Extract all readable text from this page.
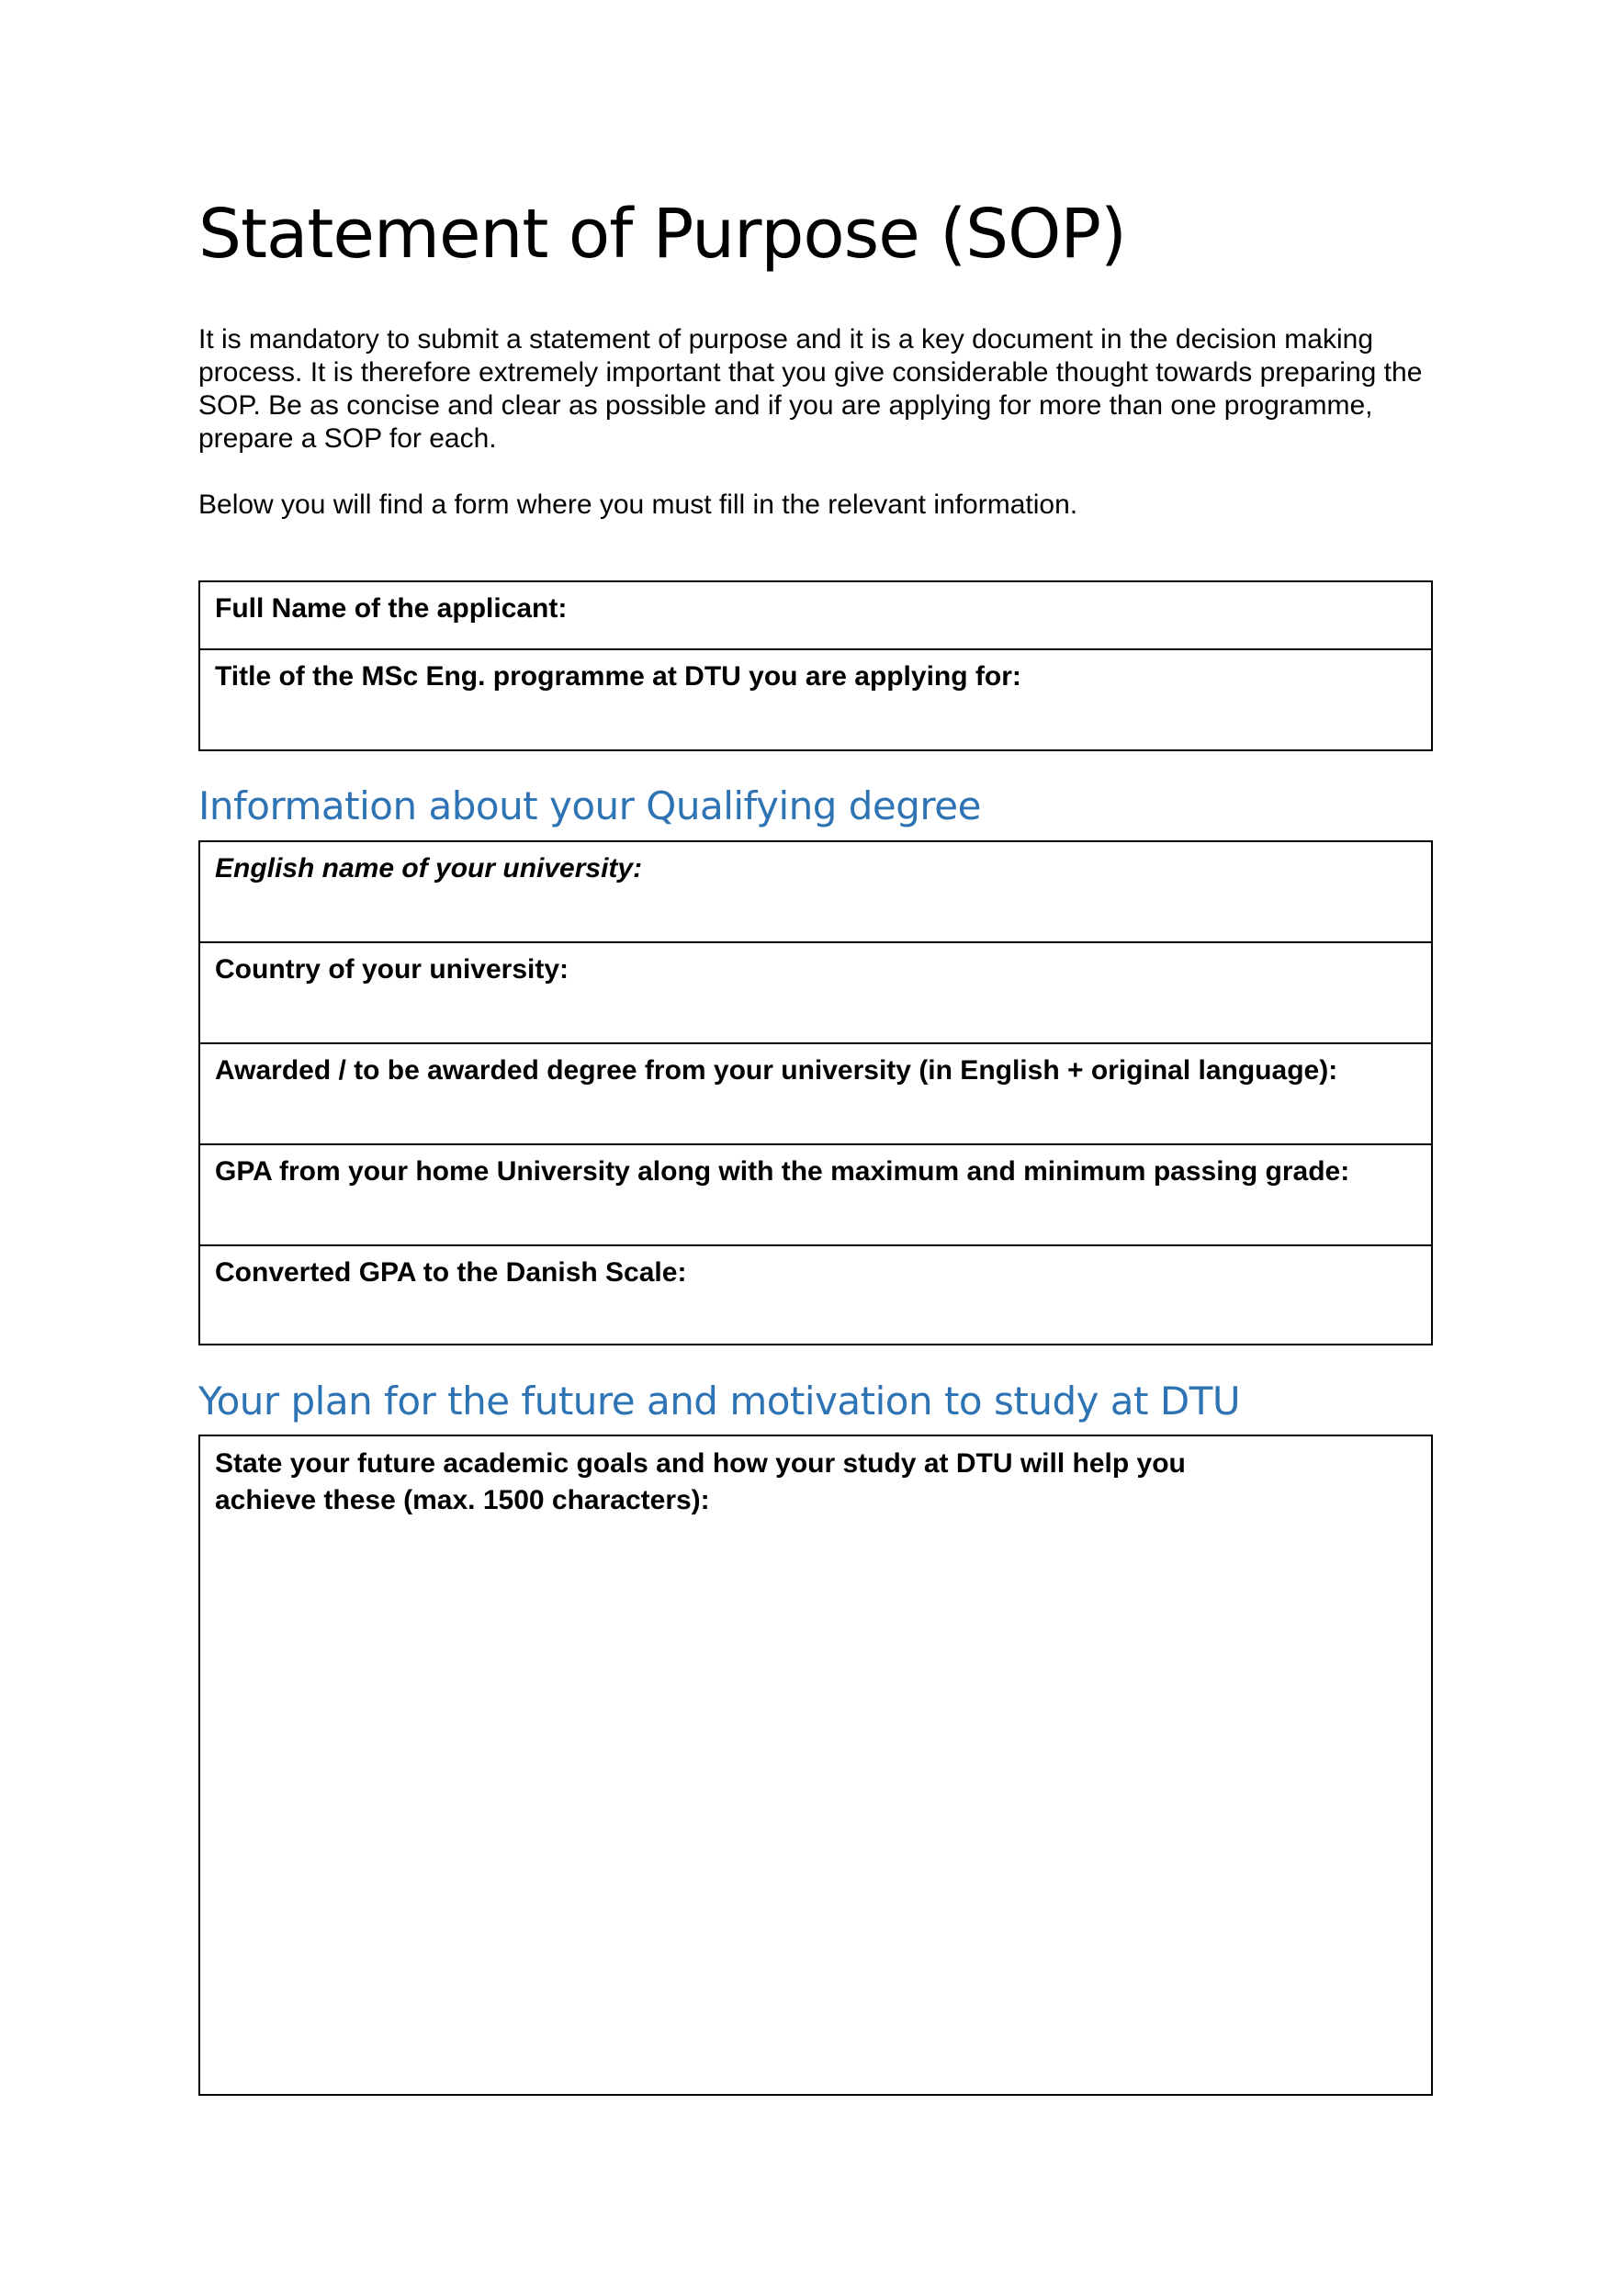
Statement of Purpose (SOP)

It is mandatory to submit a statement of purpose and it is a key document in the decision making process. It is therefore extremely important that you give considerable thought towards preparing the SOP. Be as concise and clear as possible and if you are applying for more than one programme, prepare a SOP for each.

Below you will find a form where you must fill in the relevant information.

Full Name of the applicant:
Title of the MSc Eng. programme at DTU you are applying for:
Information about your Qualifying degree
English name of your university:
Country of your university:
Awarded / to be awarded degree from your university (in English + original language):
GPA from your home University along with the maximum and minimum passing grade:
Converted GPA to the Danish Scale:
Your plan for the future and motivation to study at DTU
State your future academic goals and how your study at DTU will help you
achieve these (max. 1500 characters):
